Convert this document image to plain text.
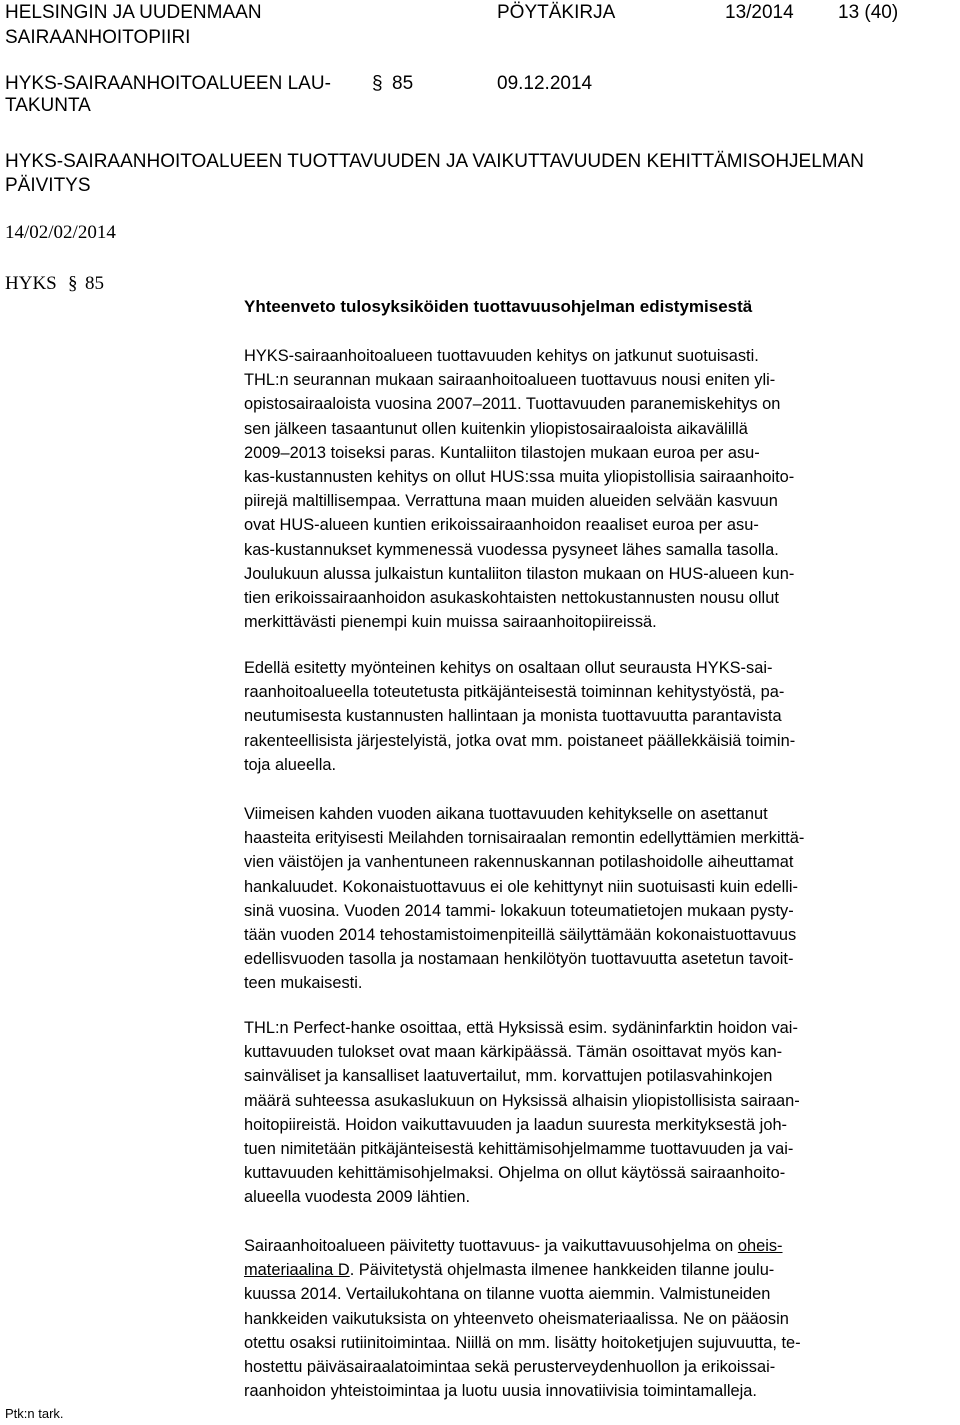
HELSINGIN JA UUDENMAAN
SAIRAANHOITOPIIRI
PÖYTÄKIRJA	13/2014 13 (40)
HYKS-SAIRAANHOITOALUEEN LAU-
TAKUNTA
§ 85	09.12.2014
HYKS-SAIRAANHOITOALUEEN TUOTTAVUUDEN JA VAIKUTTAVUUDEN KEHITTÄMISOHJELMAN
PÄIVITYS
14/02/02/2014
HYKS § 85
Yhteenveto tulosyksiköiden tuottavuusohjelman edistymisestä

HYKS-sairaanhoitoalueen tuottavuuden kehitys on jatkunut suotuisasti.
THL:n seurannan mukaan sairaanhoitoalueen tuottavuus nousi eniten yli-
opistosairaaloista vuosina 2007–2011. Tuottavuuden paranemiskehitys on
sen jälkeen tasaantunut ollen kuitenkin yliopistosairaaloista aikavälillä
2009–2013 toiseksi paras. Kuntaliiton tilastojen mukaan euroa per asu-
kas-kustannusten kehitys on ollut HUS:ssa muita yliopistollisia sairaanhoito-
piirejä maltillisempaa. Verrattuna maan muiden alueiden selvään kasvuun
ovat HUS-alueen kuntien erikoissairaanhoidon reaaliset euroa per asu-
kas-kustannukset kymmenessä vuodessa pysyneet lähes samalla tasolla.
Joulukuun alussa julkaistun kuntaliiton tilaston mukaan on HUS-alueen kun-
tien erikoissairaanhoidon asukaskohtaisten nettokustannusten nousu ollut
merkittävästi pienempi kuin muissa sairaanhoitopiireissä.

Edellä esitetty myönteinen kehitys on osaltaan ollut seurausta HYKS-sai-
raanhoitoalueella toteutetusta pitkäjänteisestä toiminnan kehitystyöstä, pa-
neutumisesta kustannusten hallintaan ja monista tuottavuutta parantavista
rakenteellisista järjestelyistä, jotka ovat mm. poistaneet päällekkäisiä toimin-
toja alueella.

Viimeisen kahden vuoden aikana tuottavuuden kehitykselle on asettanut
haasteita erityisesti Meilahden tornisairaalan remontin edellyttämien merkittä-
vien väistöjen ja vanhentuneen rakennuskannan potilashoidolle aiheuttamat
hankaluudet. Kokonaistuottavuus ei ole kehittynyt niin suotuisasti kuin edelli-
sinä vuosina. Vuoden 2014 tammi- lokakuun toteumatietojen mukaan pysty-
tään vuoden 2014 tehostamistoimenpiteillä säilyttämään kokonaistuottavuus
edellisvuoden tasolla ja nostamaan henkilötyön tuottavuutta asetetun tavoit-
teen mukaisesti.

THL:n Perfect-hanke osoittaa, että Hyksissä esim. sydäninfarktin hoidon vai-
kuttavuuden tulokset ovat maan kärkipäässä. Tämän osoittavat myös kan-
sainväliset ja kansalliset laatuvertailut, mm. korvattujen potilasvahinkojen
määrä suhteessa asukaslukuun on Hyksissä alhaisin yliopistollisista sairaan-
hoitopiireistä. Hoidon vaikuttavuuden ja laadun suuresta merkityksestä joh-
tuen nimitetään pitkäjänteisestä kehittämisohjelmamme tuottavuuden ja vai-
kuttavuuden kehittämisohjelmaksi. Ohjelma on ollut käytössä sairaanhoito-
alueella vuodesta 2009 lähtien.

Sairaanhoitoalueen päivitetty tuottavuus- ja vaikuttavuusohjelma on oheis-
materiaalina D. Päivitetystä ohjelmasta ilmenee hankkeiden tilanne joulu-
kuussa 2014. Vertailukohtana on tilanne vuotta aiemmin. Valmistuneiden
hankkeiden vaikutuksista on yhteenveto oheismateriaalissa. Ne on pääosin
otettu osaksi rutiinitoimintaa. Niillä on mm. lisätty hoitoketjujen sujuvuutta, te-
hostettu päiväsairaalatoimintaa sekä perusterveydenhuollon ja erikoissai-
raanhoidon yhteistoimintaa ja luotu uusia innovatiivisia toimintamalleja.

Ptk:n tark.
